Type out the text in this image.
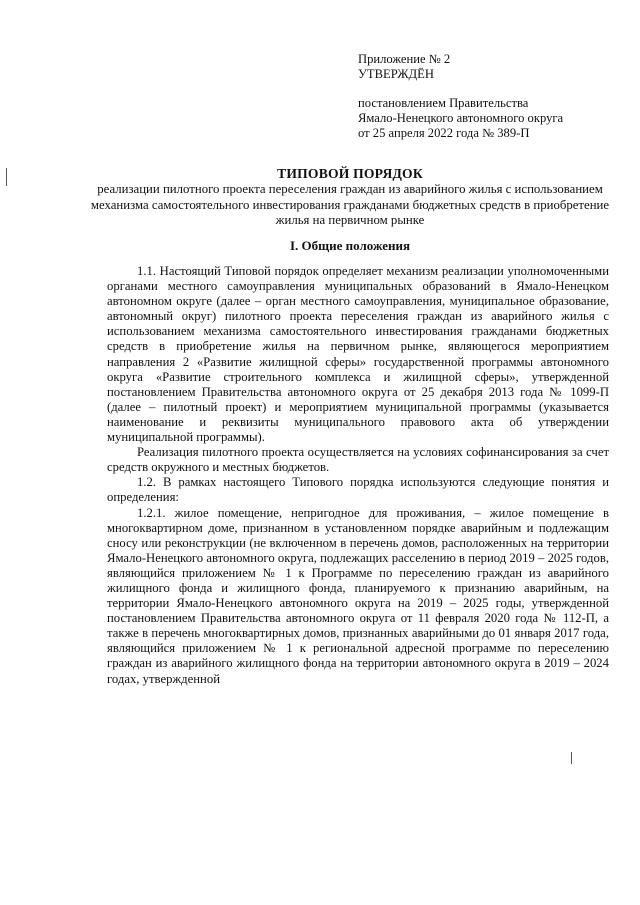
Приложение № 2
УТВЕРЖДЁН
постановлением Правительства
Ямало-Ненецкого автономного округа
от 25 апреля 2022 года № 389-П
ТИПОВОЙ ПОРЯДОК
реализации пилотного проекта переселения граждан из аварийного жилья с использованием механизма самостоятельного инвестирования гражданами бюджетных средств в приобретение жилья на первичном рынке
I. Общие положения

1.1. Настоящий Типовой порядок определяет механизм реализации уполномоченными органами местного самоуправления муниципальных образований в Ямало-Ненецком автономном округе (далее – орган местного самоуправления, муниципальное образование, автономный округ) пилотного проекта переселения граждан из аварийного жилья с использованием механизма самостоятельного инвестирования гражданами бюджетных средств в приобретение жилья на первичном рынке, являющегося мероприятием направления 2 «Развитие жилищной сферы» государственной программы автономного округа «Развитие строительного комплекса и жилищной сферы», утвержденной постановлением Правительства автономного округа от 25 декабря 2013 года № 1099-П (далее – пилотный проект) и мероприятием муниципальной программы (указывается наименование и реквизиты муниципального правового акта об утверждении муниципальной программы).

Реализация пилотного проекта осуществляется на условиях софинансирования за счет средств окружного и местных бюджетов.

1.2. В рамках настоящего Типового порядка используются следующие понятия и определения:

1.2.1. жилое помещение, непригодное для проживания, – жилое помещение в многоквартирном доме, признанном в установленном порядке аварийным и подлежащим сносу или реконструкции (не включенном в перечень домов, расположенных на территории Ямало-Ненецкого автономного округа, подлежащих расселению в период 2019 – 2025 годов, являющийся приложением № 1 к Программе по переселению граждан из аварийного жилищного фонда и жилищного фонда, планируемого к признанию аварийным, на территории Ямало-Ненецкого автономного округа на 2019 – 2025 годы, утвержденной постановлением Правительства автономного округа от 11 февраля 2020 года № 112-П, а также в перечень многоквартирных домов, признанных аварийными до 01 января 2017 года, являющийся приложением № 1 к региональной адресной программе по переселению граждан из аварийного жилищного фонда на территории автономного округа в 2019 – 2024 годах, утвержденной
